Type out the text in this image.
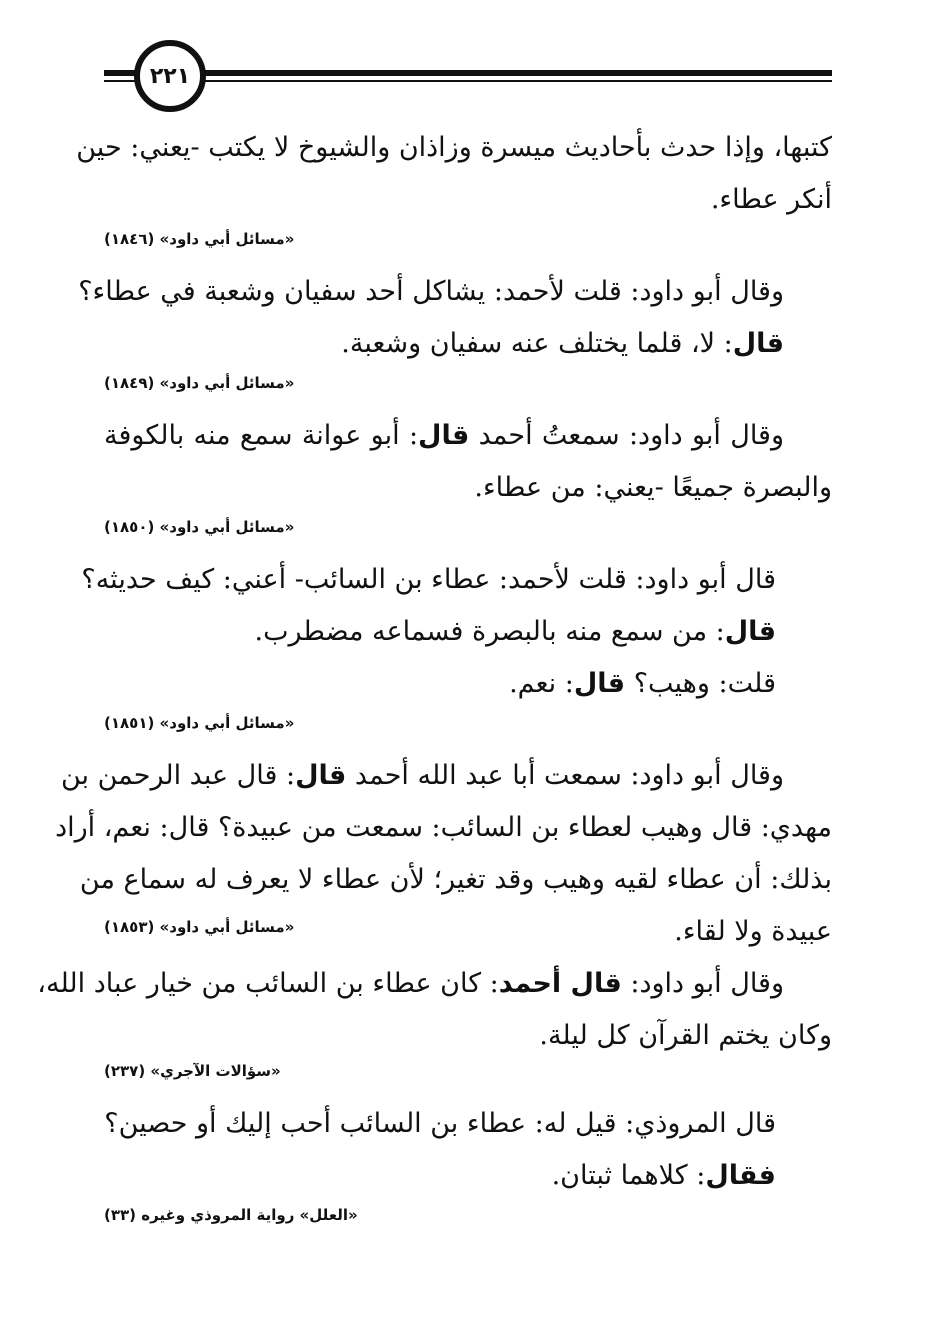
٢٢١
كتبها، وإذا حدث بأحاديث ميسرة وزاذان والشيوخ لا يكتب -يعني: حين
أنكر عطاء.
«مسائل أبي داود» (١٨٤٦)
وقال أبو داود: قلت لأحمد: يشاكل أحد سفيان وشعبة في عطاء؟
قال: لا، قلما يختلف عنه سفيان وشعبة.
«مسائل أبي داود» (١٨٤٩)
وقال أبو داود: سمعتُ أحمد قال: أبو عوانة سمع منه بالكوفة
والبصرة جميعًا -يعني: من عطاء.
«مسائل أبي داود» (١٨٥٠)
قال أبو داود: قلت لأحمد: عطاء بن السائب- أعني: كيف حديثه؟
قال: من سمع منه بالبصرة فسماعه مضطرب.
قلت: وهيب؟ قال: نعم.
«مسائل أبي داود» (١٨٥١)
وقال أبو داود: سمعت أبا عبد الله أحمد قال: قال عبد الرحمن بن
مهدي: قال وهيب لعطاء بن السائب: سمعت من عبيدة؟ قال: نعم، أراد
بذلك: أن عطاء لقيه وهيب وقد تغير؛ لأن عطاء لا يعرف له سماع من
عبيدة ولا لقاء.
«مسائل أبي داود» (١٨٥٣)
وقال أبو داود: قال أحمد: كان عطاء بن السائب من خيار عباد الله،
وكان يختم القرآن كل ليلة.
«سؤالات الآجري» (٢٣٧)
قال المروذي: قيل له: عطاء بن السائب أحب إليك أو حصين؟
فقال: كلاهما ثبتان.
«العلل» رواية المروذي وغيره (٣٣)
